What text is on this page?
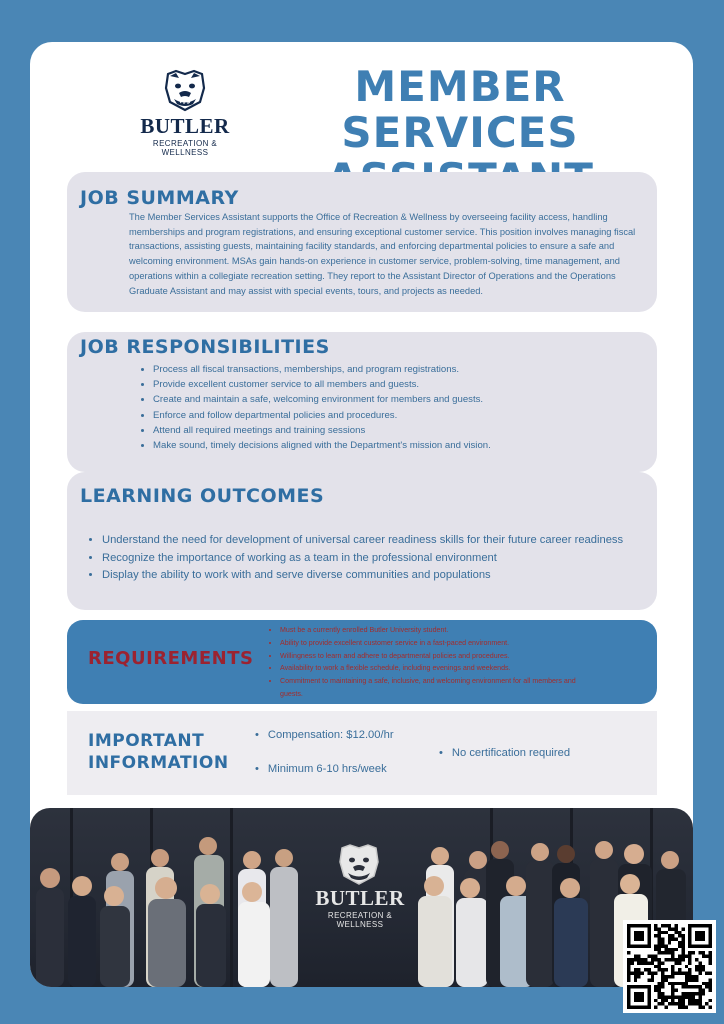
BUTLER
RECREATION &
WELLNESS
MEMBER SERVICES
JOB SUMMARY

The Member Services Assistant supports the Office of Recreation & Wellness by overseeing facility access, handling memberships and program registrations, and ensuring exceptional customer service. This position involves managing fiscal transactions, assisting guests, maintaining facility standards, and enforcing departmental policies to ensure a safe and welcoming environment. MSAs gain hands-on experience in customer service, problem-solving, time management, and operations within a collegiate recreation setting. They report to the Assistant Director of Operations and the Operations Graduate Assistant and may assist with special events, tours, and projects as needed.

JOB RESPONSIBILITIES
• Process all fiscal transactions, memberships, and program registrations.
• Provide excellent customer service to all members and guests.
• Create and maintain a safe, welcoming environment for members and guests.
• Enforce and follow departmental policies and procedures.
• Attend all required meetings and training sessions
• Make sound, timely decisions aligned with the Department's mission and vision.
LEARNING OUTCOMES
• Understand the need for development of universal career readiness skills for their future career readiness
• Recognize the importance of working as a team in the professional environment
• Display the ability to work with and serve diverse communities and populations
REQUIREMENTS
• Must be a currently enrolled Butler University student.
• Ability to provide excellent customer service in a fast-paced environment.
• Willingness to learn and adhere to departmental policies and procedures.
• Availability to work a flexible schedule, including evenings and weekends.
• Commitment to maintaining a safe, inclusive, and welcoming environment for all members and guests.
IMPORTANT
INFORMATION
• Compensation: $12.00/hr
• Minimum 6-10 hrs/week
• No certification required
BUTLER
RECREATION &
WELLNESS
